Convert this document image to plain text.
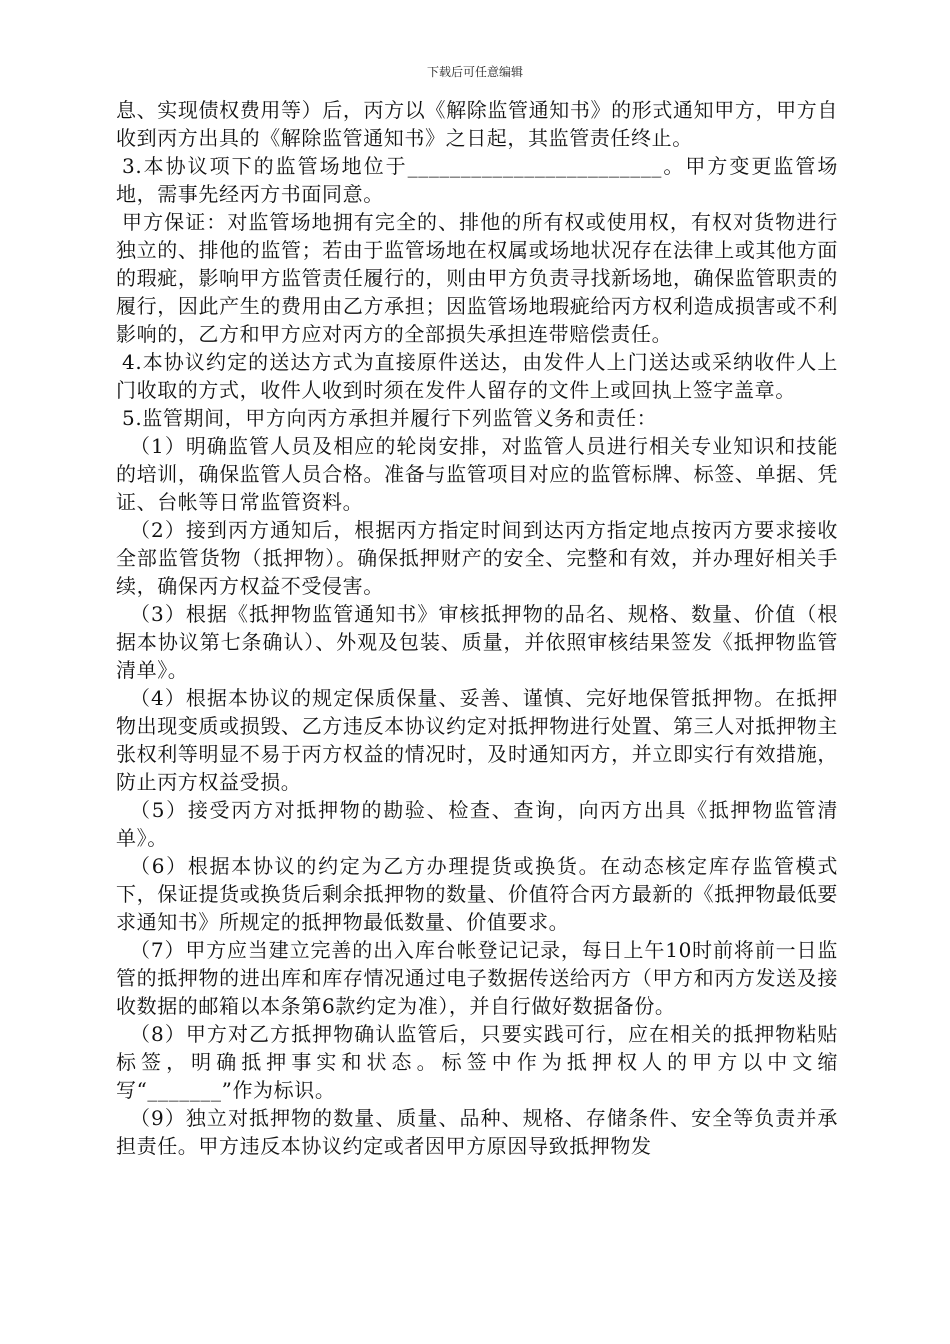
下载后可任意编辑

息、实现债权费用等）后，丙方以《解除监管通知书》的形式通知甲方，甲方自收到丙方出具的《解除监管通知书》之日起，其监管责任终止。

3.本协议项下的监管场地位于________________________。甲方变更监管场地，需事先经丙方书面同意。

甲方保证：对监管场地拥有完全的、排他的所有权或使用权，有权对货物进行独立的、排他的监管；若由于监管场地在权属或场地状况存在法律上或其他方面的瑕疵，影响甲方监管责任履行的，则由甲方负责寻找新场地，确保监管职责的履行，因此产生的费用由乙方承担；因监管场地瑕疵给丙方权利造成损害或不利影响的，乙方和甲方应对丙方的全部损失承担连带赔偿责任。

4.本协议约定的送达方式为直接原件送达，由发件人上门送达或采纳收件人上门收取的方式，收件人收到时须在发件人留存的文件上或回执上签字盖章。

5.监管期间，甲方向丙方承担并履行下列监管义务和责任：

（1）明确监管人员及相应的轮岗安排，对监管人员进行相关专业知识和技能的培训，确保监管人员合格。准备与监管项目对应的监管标牌、标签、单据、凭证、台帐等日常监管资料。

（2）接到丙方通知后，根据丙方指定时间到达丙方指定地点按丙方要求接收全部监管货物（抵押物）。确保抵押财产的安全、完整和有效，并办理好相关手续，确保丙方权益不受侵害。

（3）根据《抵押物监管通知书》审核抵押物的品名、规格、数量、价值（根据本协议第七条确认）、外观及包装、质量，并依照审核结果签发《抵押物监管清单》。

（4）根据本协议的规定保质保量、妥善、谨慎、完好地保管抵押物。在抵押物出现变质或损毁、乙方违反本协议约定对抵押物进行处置、第三人对抵押物主张权利等明显不易于丙方权益的情况时，及时通知丙方，并立即实行有效措施，防止丙方权益受损。

（5）接受丙方对抵押物的勘验、检查、查询，向丙方出具《抵押物监管清单》。

（6）根据本协议的约定为乙方办理提货或换货。在动态核定库存监管模式下，保证提货或换货后剩余抵押物的数量、价值符合丙方最新的《抵押物最低要求通知书》所规定的抵押物最低数量、价值要求。

（7）甲方应当建立完善的出入库台帐登记记录，每日上午10时前将前一日监管的抵押物的进出库和库存情况通过电子数据传送给丙方（甲方和丙方发送及接收数据的邮箱以本条第6款约定为准），并自行做好数据备份。

（8）甲方对乙方抵押物确认监管后，只要实践可行，应在相关的抵押物粘贴标签，明确抵押事实和状态。标签中作为抵押权人的甲方以中文缩写“_______”作为标识。

（9）独立对抵押物的数量、质量、品种、规格、存储条件、安全等负责并承担责任。甲方违反本协议约定或者因甲方原因导致抵押物发
